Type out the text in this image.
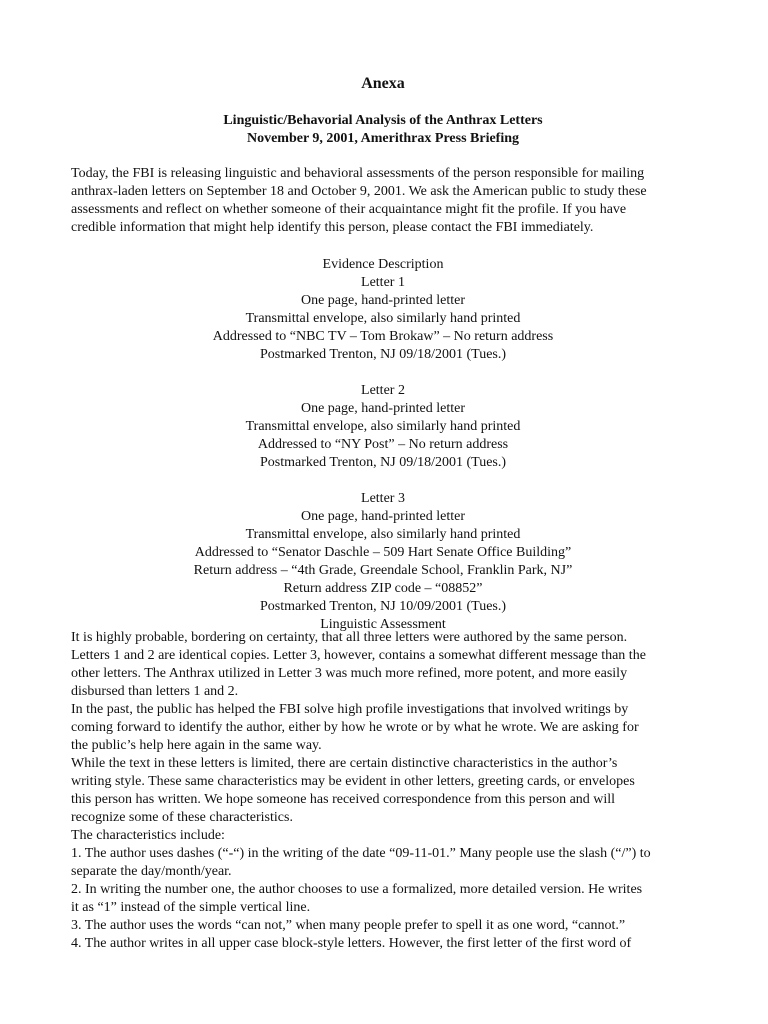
Anexa
Linguistic/Behavorial Analysis of the Anthrax Letters
November 9, 2001, Amerithrax Press Briefing
Today, the FBI is releasing linguistic and behavioral assessments of the person responsible for mailing
anthrax-laden letters on September 18 and October 9, 2001. We ask the American public to study these
assessments and reflect on whether someone of their acquaintance might fit the profile. If you have
credible information that might help identify this person, please contact the FBI immediately.
Evidence Description
Letter 1
One page, hand-printed letter
Transmittal envelope, also similarly hand printed
Addressed to “NBC TV – Tom Brokaw” – No return address
Postmarked Trenton, NJ 09/18/2001 (Tues.)
Letter 2
One page, hand-printed letter
Transmittal envelope, also similarly hand printed
Addressed to “NY Post” – No return address
Postmarked Trenton, NJ 09/18/2001 (Tues.)
Letter 3
One page, hand-printed letter
Transmittal envelope, also similarly hand printed
Addressed to “Senator Daschle – 509 Hart Senate Office Building”
Return address – “4th Grade, Greendale School, Franklin Park, NJ”
Return address ZIP code – “08852”
Postmarked Trenton, NJ 10/09/2001 (Tues.)
Linguistic Assessment
It is highly probable, bordering on certainty, that all three letters were authored by the same person.
Letters 1 and 2 are identical copies. Letter 3, however, contains a somewhat different message than the
other letters. The Anthrax utilized in Letter 3 was much more refined, more potent, and more easily
disbursed than letters 1 and 2.
In the past, the public has helped the FBI solve high profile investigations that involved writings by
coming forward to identify the author, either by how he wrote or by what he wrote. We are asking for
the public’s help here again in the same way.
While the text in these letters is limited, there are certain distinctive characteristics in the author’s
writing style. These same characteristics may be evident in other letters, greeting cards, or envelopes
this person has written. We hope someone has received correspondence from this person and will
recognize some of these characteristics.
The characteristics include:
1. The author uses dashes (“-“) in the writing of the date “09-11-01.” Many people use the slash (“/”) to
separate the day/month/year.
2. In writing the number one, the author chooses to use a formalized, more detailed version. He writes
it as “1” instead of the simple vertical line.
3. The author uses the words “can not,” when many people prefer to spell it as one word, “cannot.”
4. The author writes in all upper case block-style letters. However, the first letter of the first word of
